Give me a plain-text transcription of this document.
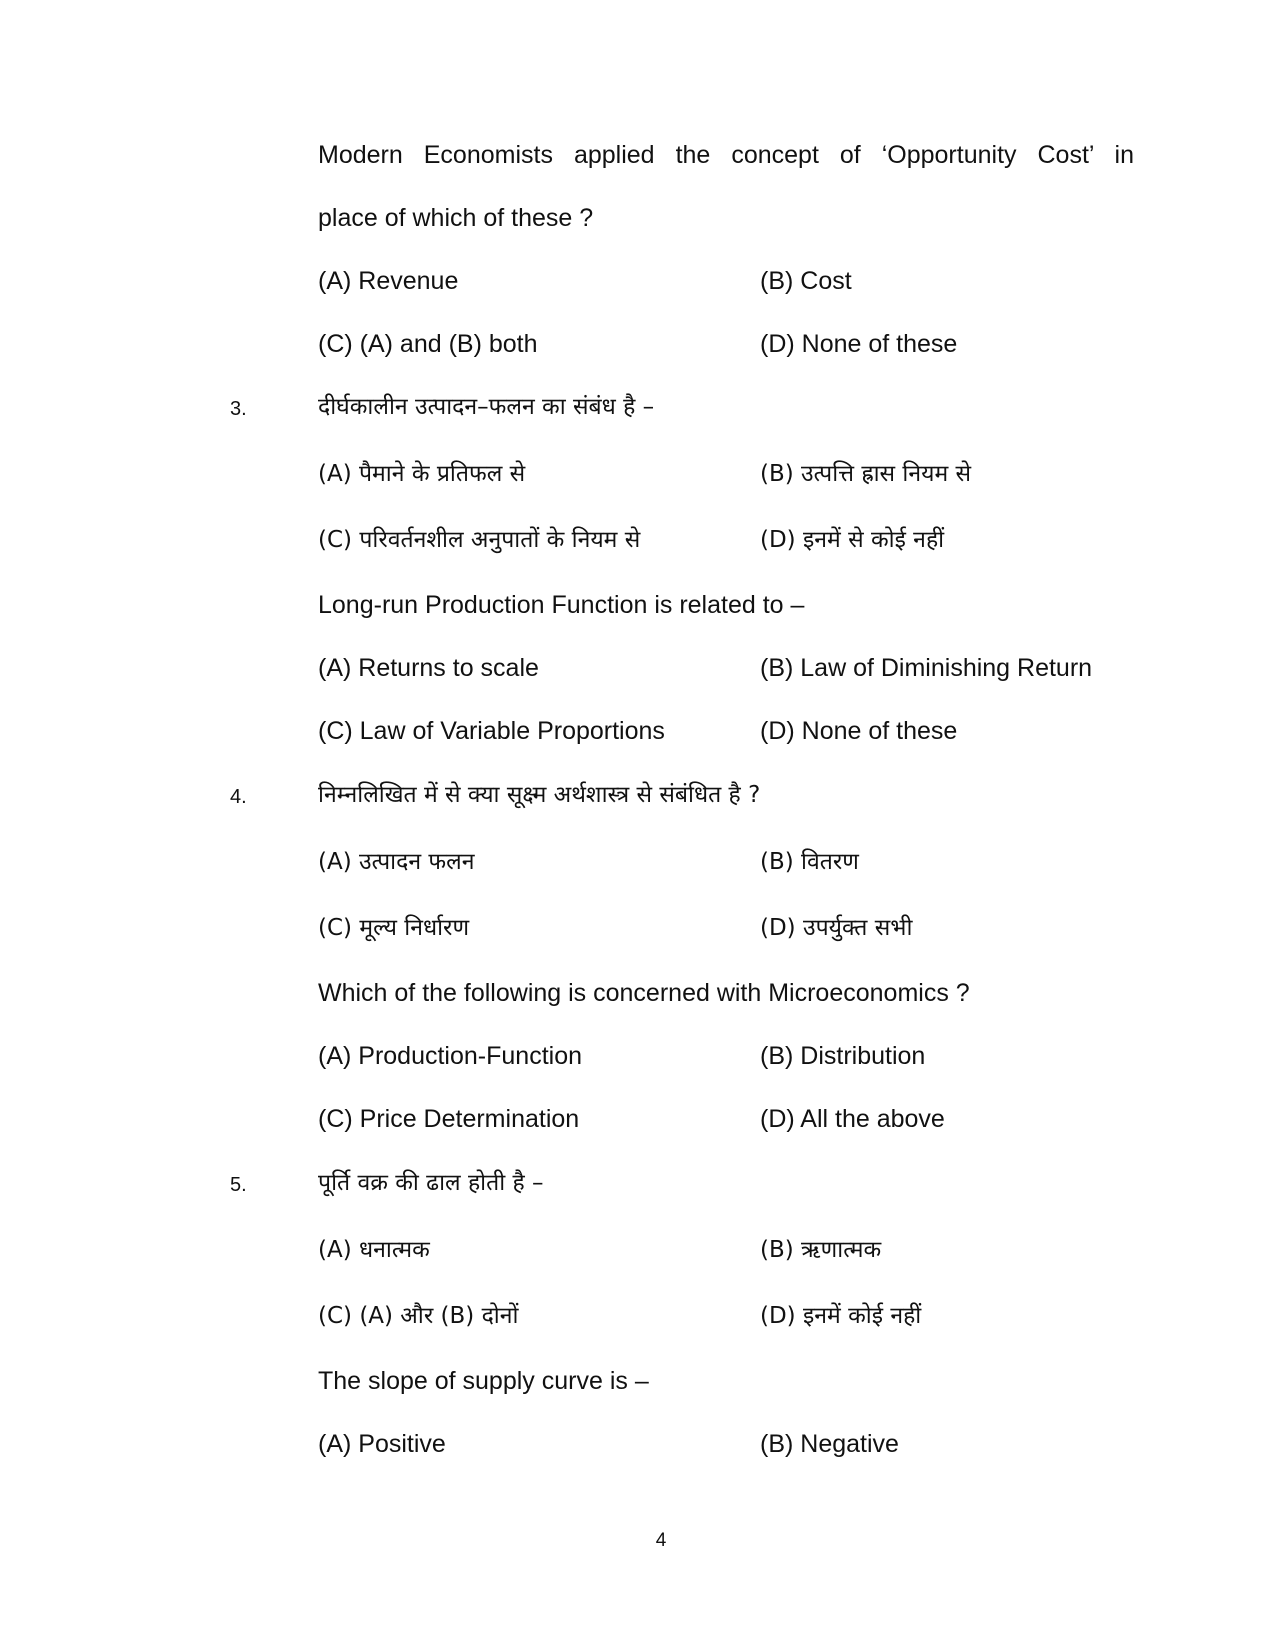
Modern Economists applied the concept of ‘Opportunity Cost’ in
place of which of these ?
(A) Revenue	(B) Cost
(C) (A) and (B) both	(D) None of these
3.	दीर्घकालीन उत्पादन–फलन का संबंध है –
(A) पैमाने के प्रतिफल से	(B) उत्पत्ति ह्रास नियम से
(C) परिवर्तनशील अनुपातों के नियम से	(D) इनमें से कोई नहीं
Long-run Production Function is related to –
(A) Returns to scale	(B) Law of Diminishing Return
(C) Law of Variable Proportions	(D) None of these
4.	निम्नलिखित में से क्या सूक्ष्म अर्थशास्त्र से संबंधित है ?
(A) उत्पादन फलन	(B) वितरण
(C) मूल्य निर्धारण	(D) उपर्युक्त सभी
Which of the following is concerned with Microeconomics ?
(A) Production-Function	(B) Distribution
(C) Price Determination	(D) All the above
5.	पूर्ति वक्र की ढाल होती है –
(A) धनात्मक	(B) ऋणात्मक
(C) (A) और (B) दोनों	(D) इनमें कोई नहीं
The slope of supply curve is –
(A) Positive	(B) Negative
4
